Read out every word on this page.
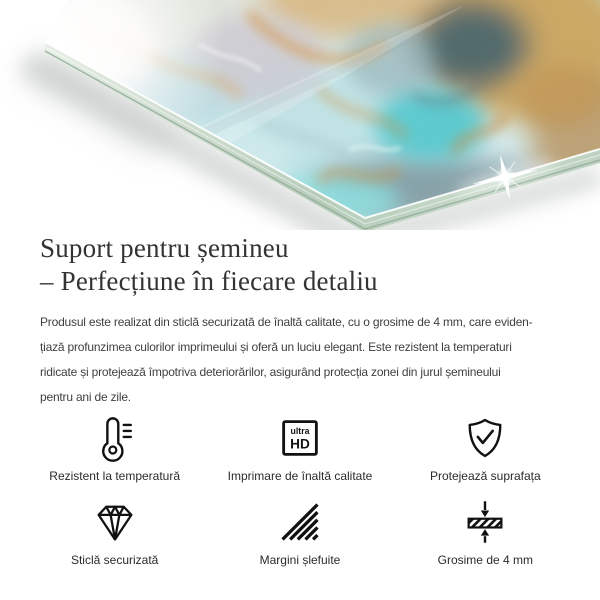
Suport pentru șemineu
– Perfecțiune în fiecare detaliu
Produsul este realizat din sticlă securizată de înaltă calitate, cu o grosime de 4 mm, care eviden-
țiază profunzimea culorilor imprimeului și oferă un luciu elegant. Este rezistent la temperaturi
ridicate și protejează împotriva deteriorărilor, asigurând protecția zonei din jurul șemineului
pentru ani de zile.
Rezistent la temperatură
ultra
HD
Imprimare de înaltă calitate	Protejează suprafața
Sticlă securizată	Margini șlefuite	Grosime de 4 mm
